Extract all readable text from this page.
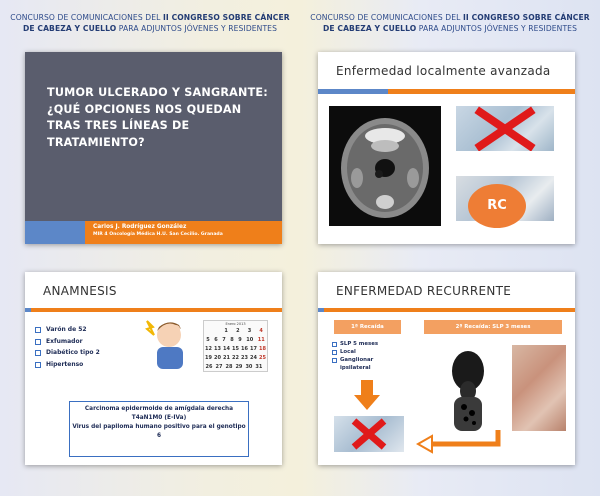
CONCURSO DE COMUNICACIONES DEL II CONGRESO SOBRE CÁNCER DE CABEZA Y CUELLO PARA ADJUNTOS JÓVENES Y RESIDENTES
CONCURSO DE COMUNICACIONES DEL II CONGRESO SOBRE CÁNCER DE CABEZA Y CUELLO PARA ADJUNTOS JÓVENES Y RESIDENTES
TUMOR ULCERADO Y SANGRANTE: ¿QUÉ OPCIONES NOS QUEDAN TRAS TRES LÍNEAS DE TRATAMIENTO?
Carlos J. Rodríguez González
MIR 4 Oncología Médica H.U. San Cecilio. Granada
Enfermedad localmente avanzada
RC
ANAMNESIS
Varón de 52
Exfumador
Diabético tipo 2
Hipertenso
Enero 2013
1 2 3 4
5 6 7 8 9 10 11
12 13 14 15 16 17 18
19 20 21 22 23 24 25
26 27 28 29 30 31
Carcinoma epidermoide de amígdala derecha
T4aN1M0 (E-IVa)
Virus del papiloma humano positivo para el genotipo 6
ENFERMEDAD RECURRENTE
1ª Recaída	2ª Recaída: SLP 3 meses
SLP 5 meses
Local
Ganglionar ipsilateral
